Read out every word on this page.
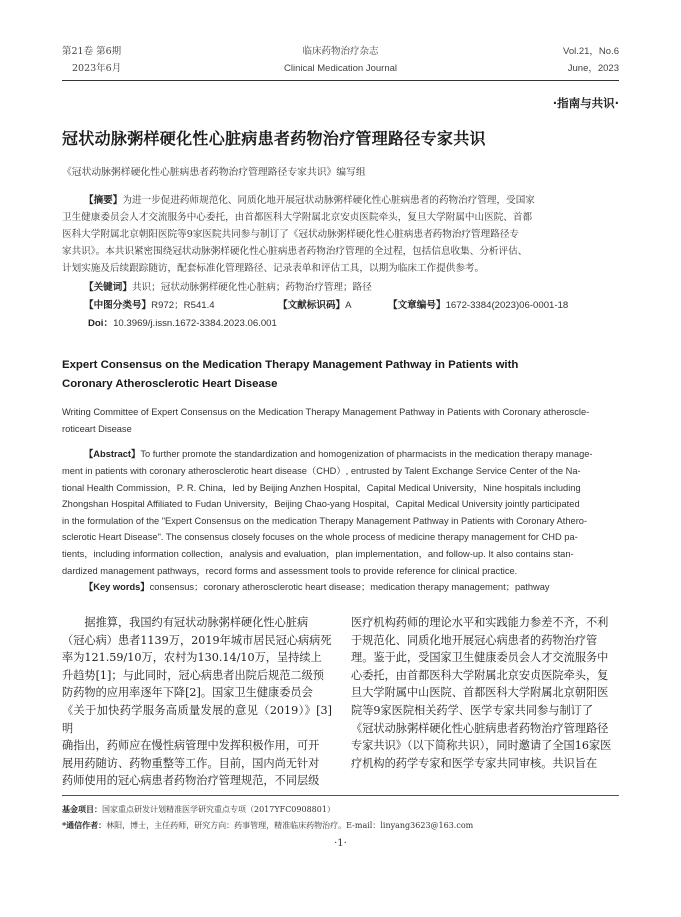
第21卷 第6期
2023年6月
临床药物治疗杂志
Clinical Medication Journal
Vol.21，No.6
June，2023
·指南与共识·
冠状动脉粥样硬化性心脏病患者药物治疗管理路径专家共识
《冠状动脉粥样硬化性心脏病患者药物治疗管理路径专家共识》编写组
【摘要】为进一步促进药师规范化、同质化地开展冠状动脉粥样硬化性心脏病患者的药物治疗管理，受国家
卫生健康委员会人才交流服务中心委托，由首都医科大学附属北京安贞医院牵头，复旦大学附属中山医院、首都
医科大学附属北京朝阳医院等9家医院共同参与制订了《冠状动脉粥样硬化性心脏病患者药物治疗管理路径专
家共识》。本共识紧密围绕冠状动脉粥样硬化性心脏病患者药物治疗管理的全过程，包括信息收集、分析评估、
计划实施及后续跟踪随访，配套标准化管理路径、记录表单和评估工具，以期为临床工作提供参考。
【关键词】共识；冠状动脉粥样硬化性心脏病；药物治疗管理；路径
【中图分类号】R972；R541.4	【文献标识码】A	【文章编号】1672-3384(2023)06-0001-18
Doi：10.3969/j.issn.1672-3384.2023.06.001
Expert Consensus on the Medication Therapy Management Pathway in Patients with
Coronary Atherosclerotic Heart Disease
Writing Committee of Expert Consensus on the Medication Therapy Management Pathway in Patients with Coronary atheroscle-
roticeart Disease
【Abstract】To further promote the standardization and homogenization of pharmacists in the medication therapy manage-
ment in patients with coronary atherosclerotic heart disease（CHD）, entrusted by Talent Exchange Service Center of the Na-
tional Health Commission，P. R. China，led by Beijing Anzhen Hospital，Capital Medical University，Nine hospitals including
Zhongshan Hospital Affiliated to Fudan University，Beijing Chao-yang Hospital，Capital Medical University jointly participated
in the formulation of the "Expert Consensus on the medication Therapy Management Pathway in Patients with Coronary Athero-
sclerotic Heart Disease". The consensus closely focuses on the whole process of medicine therapy management for CHD pa-
tients，including information collection，analysis and evaluation，plan implementation，and follow-up. It also contains stan-
dardized management pathways，record forms and assessment tools to provide reference for clinical practice.
【Key words】consensus；coronary atherosclerotic heart disease；medication therapy management；pathway
　　据推算，我国约有冠状动脉粥样硬化性心脏病
（冠心病）患者1139万，2019年城市居民冠心病病死
率为121.59/10万，农村为130.14/10万，呈持续上
升趋势[1]；与此同时，冠心病患者出院后规范二级预
防药物的应用率逐年下降[2]。国家卫生健康委员会
《关于加快药学服务高质量发展的意见（2019）》[3]明
确指出，药师应在慢性病管理中发挥积极作用，可开
展用药随访、药物重整等工作。目前，国内尚无针对
药师使用的冠心病患者药物治疗管理规范，不同层级
医疗机构药师的理论水平和实践能力参差不齐，不利
于规范化、同质化地开展冠心病患者的药物治疗管
理。鉴于此，受国家卫生健康委员会人才交流服务中
心委托，由首都医科大学附属北京安贞医院牵头，复
旦大学附属中山医院、首都医科大学附属北京朝阳医
院等9家医院相关药学、医学专家共同参与制订了
《冠状动脉粥样硬化性心脏病患者药物治疗管理路径
专家共识》（以下简称共识），同时邀请了全国16家医
疗机构的药学专家和医学专家共同审核。共识旨在
基金项目：国家重点研发计划精准医学研究重点专项（2017YFC0908801）
*通信作者：林阳，博士，主任药师，研究方向：药事管理，精准临床药物治疗。E-mail：linyang3623@163.com
·1·
